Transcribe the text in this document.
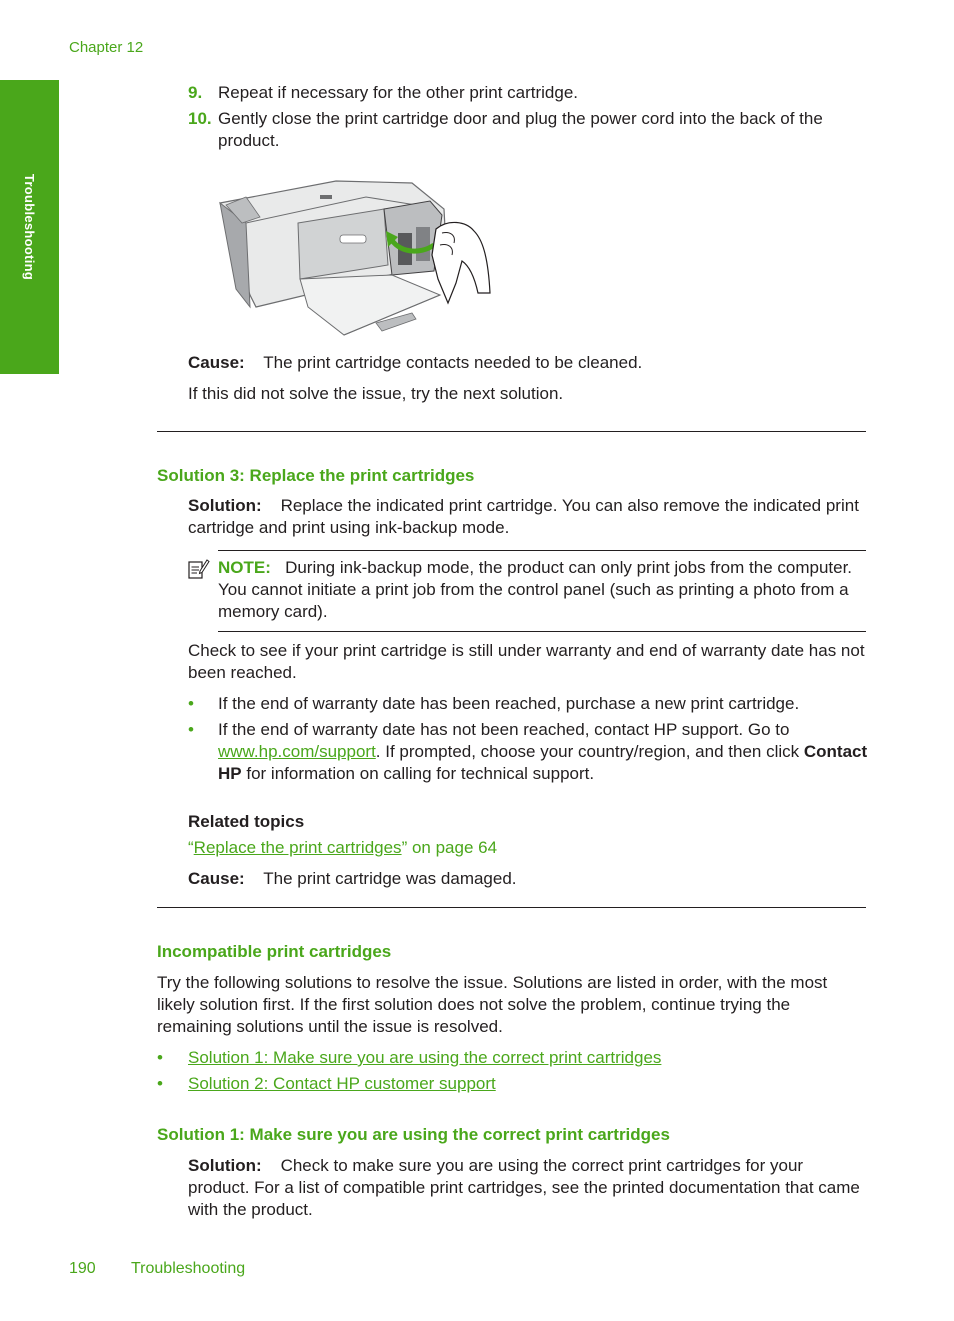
Chapter 12
Troubleshooting
9. Repeat if necessary for the other print cartridge.
10. Gently close the print cartridge door and plug the power cord into the back of the product.
Cause: The print cartridge contacts needed to be cleaned.
If this did not solve the issue, try the next solution.
Solution 3: Replace the print cartridges
Solution: Replace the indicated print cartridge. You can also remove the indicated print cartridge and print using ink-backup mode.
NOTE: During ink-backup mode, the product can only print jobs from the computer. You cannot initiate a print job from the control panel (such as printing a photo from a memory card).
Check to see if your print cartridge is still under warranty and end of warranty date has not been reached.
• If the end of warranty date has been reached, purchase a new print cartridge.
• If the end of warranty date has not been reached, contact HP support. Go to www.hp.com/support. If prompted, choose your country/region, and then click Contact HP for information on calling for technical support.
Related topics
“Replace the print cartridges” on page 64
Cause: The print cartridge was damaged.
Incompatible print cartridges
Try the following solutions to resolve the issue. Solutions are listed in order, with the most likely solution first. If the first solution does not solve the problem, continue trying the remaining solutions until the issue is resolved.
• Solution 1: Make sure you are using the correct print cartridges
• Solution 2: Contact HP customer support
Solution 1: Make sure you are using the correct print cartridges
Solution: Check to make sure you are using the correct print cartridges for your product. For a list of compatible print cartridges, see the printed documentation that came with the product.
190 Troubleshooting
